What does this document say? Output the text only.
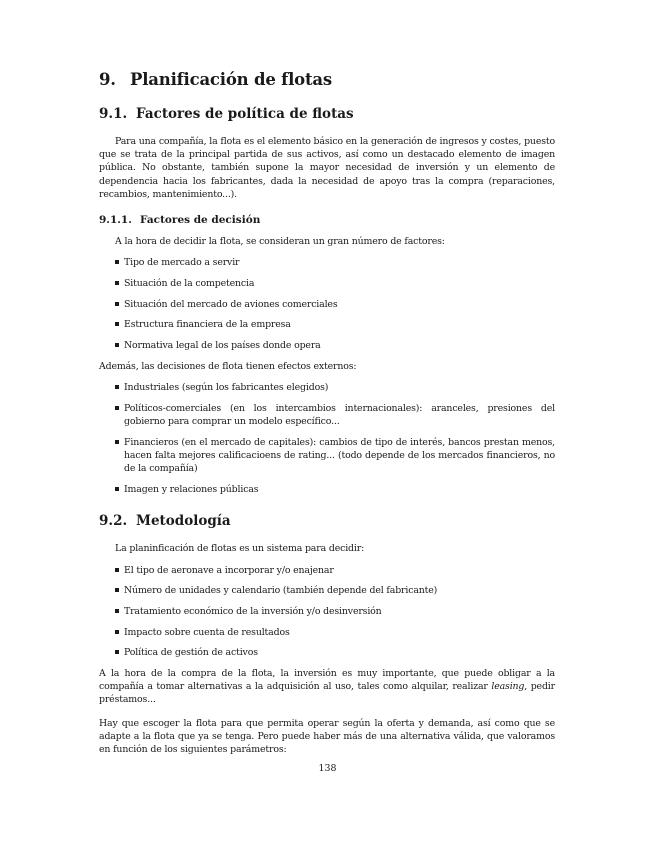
9. Planificación de flotas
9.1. Factores de política de flotas

Para una compañía, la flota es el elemento básico en la generación de ingresos y costes, puesto que se trata de la principal partida de sus activos, así como un destacado elemento de imagen pública. No obstante, también supone la mayor necesidad de inversión y un elemento de dependencia hacia los fabricantes, dada la necesidad de apoyo tras la compra (reparaciones, recambios, mantenimiento...).

9.1.1. Factores de decisión

A la hora de decidir la flota, se consideran un gran número de factores:

Tipo de mercado a servir
Situación de la competencia
Situación del mercado de aviones comerciales
Estructura financiera de la empresa
Normativa legal de los países donde opera

Además, las decisiones de flota tienen efectos externos:

Industriales (según los fabricantes elegidos)
Políticos-comerciales (en los intercambios internacionales): aranceles, presiones del gobierno para comprar un modelo específico...
Financieros (en el mercado de capitales): cambios de tipo de interés, bancos prestan menos, hacen falta mejores calificacioens de rating... (todo depende de los mercados financieros, no de la compañía)
Imagen y relaciones públicas
9.2. Metodología

La planinficación de flotas es un sistema para decidir:

El tipo de aeronave a incorporar y/o enajenar
Número de unidades y calendario (también depende del fabricante)
Tratamiento económico de la inversión y/o desinversión
Impacto sobre cuenta de resultados
Política de gestión de activos

A la hora de la compra de la flota, la inversión es muy importante, que puede obligar a la compañía a tomar alternativas a la adquisición al uso, tales como alquilar, realizar leasing, pedir préstamos...

Hay que escoger la flota para que permita operar según la oferta y demanda, así como que se adapte a la flota que ya se tenga. Pero puede haber más de una alternativa válida, que valoramos en función de los siguientes parámetros:

138
